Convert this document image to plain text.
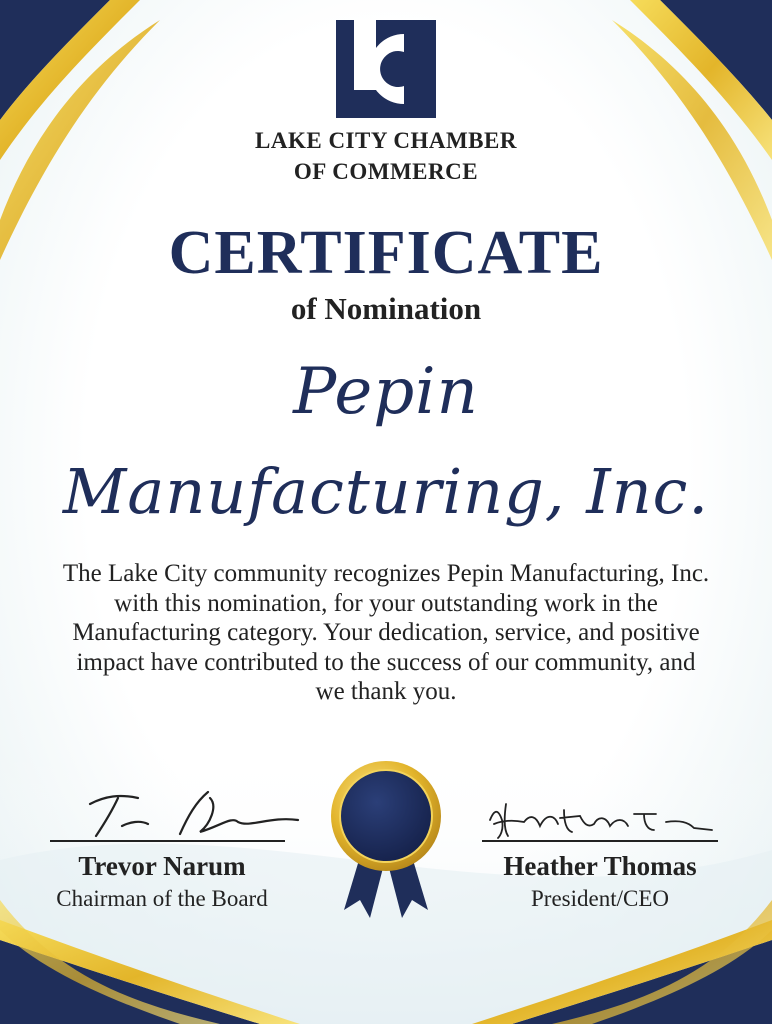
LAKE CITY CHAMBER
OF COMMERCE
CERTIFICATE
of Nomination
Pepin
Manufacturing, Inc.
The Lake City community recognizes Pepin Manufacturing, Inc. with this nomination, for your outstanding work in the Manufacturing category. Your dedication, service, and positive impact have contributed to the success of our community, and we thank you.
Trevor Narum
Chairman of the Board
Heather Thomas
President/CEO
